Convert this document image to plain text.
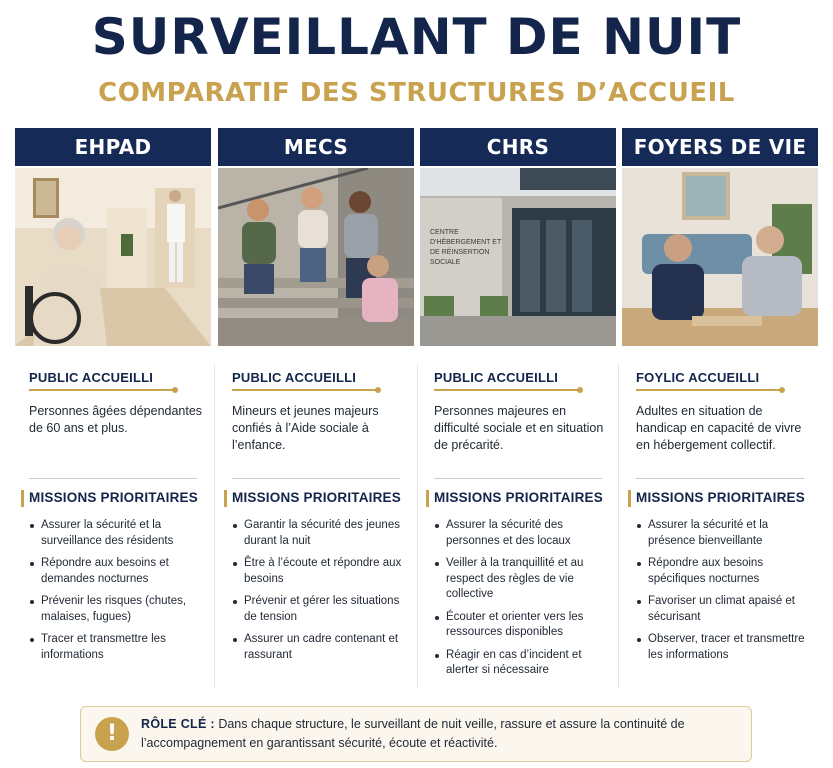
SURVEILLANT DE NUIT
COMPARATIF DES STRUCTURES D’ACCUEIL
EHPAD
PUBLIC ACCUEILLI
Personnes âgées dépendantes de 60 ans et plus.
MISSIONS PRIORITAIRES
Assurer la sécurité et la surveillance des résidents
Répondre aux besoins et demandes nocturnes
Prévenir les risques (chutes, malaises, fugues)
Tracer et transmettre les informations
MECS
PUBLIC ACCUEILLI
Mineurs et jeunes majeurs confiés à l’Aide sociale à l’enfance.
MISSIONS PRIORITAIRES
Garantir la sécurité des jeunes durant la nuit
Être à l’écoute et répondre aux besoins
Prévenir et gérer les situations de tension
Assurer un cadre contenant et rassurant
CHRS
CENTRE D'HÉBERGEMENT ET DE RÉINSERTION SOCIALE
PUBLIC ACCUEILLI
Personnes majeures en difficulté sociale et en situation de précarité.
MISSIONS PRIORITAIRES
Assurer la sécurité des personnes et des locaux
Veiller à la tranquillité et au respect des règles de vie collective
Écouter et orienter vers les ressources disponibles
Réagir en cas d’incident et alerter si nécessaire
FOYERS DE VIE
FOYLIC ACCUEILLI
Adultes en situation de handicap en capacité de vivre en hébergement collectif.
MISSIONS PRIORITAIRES
Assurer la sécurité et la présence bienveillante
Répondre aux besoins spécifiques nocturnes
Favoriser un climat apaisé et sécurisant
Observer, tracer et transmettre les informations
!	RÔLE CLÉ : Dans chaque structure, le surveillant de nuit veille, rassure et assure la continuité de l’accompagnement en garantissant sécurité, écoute et réactivité.
